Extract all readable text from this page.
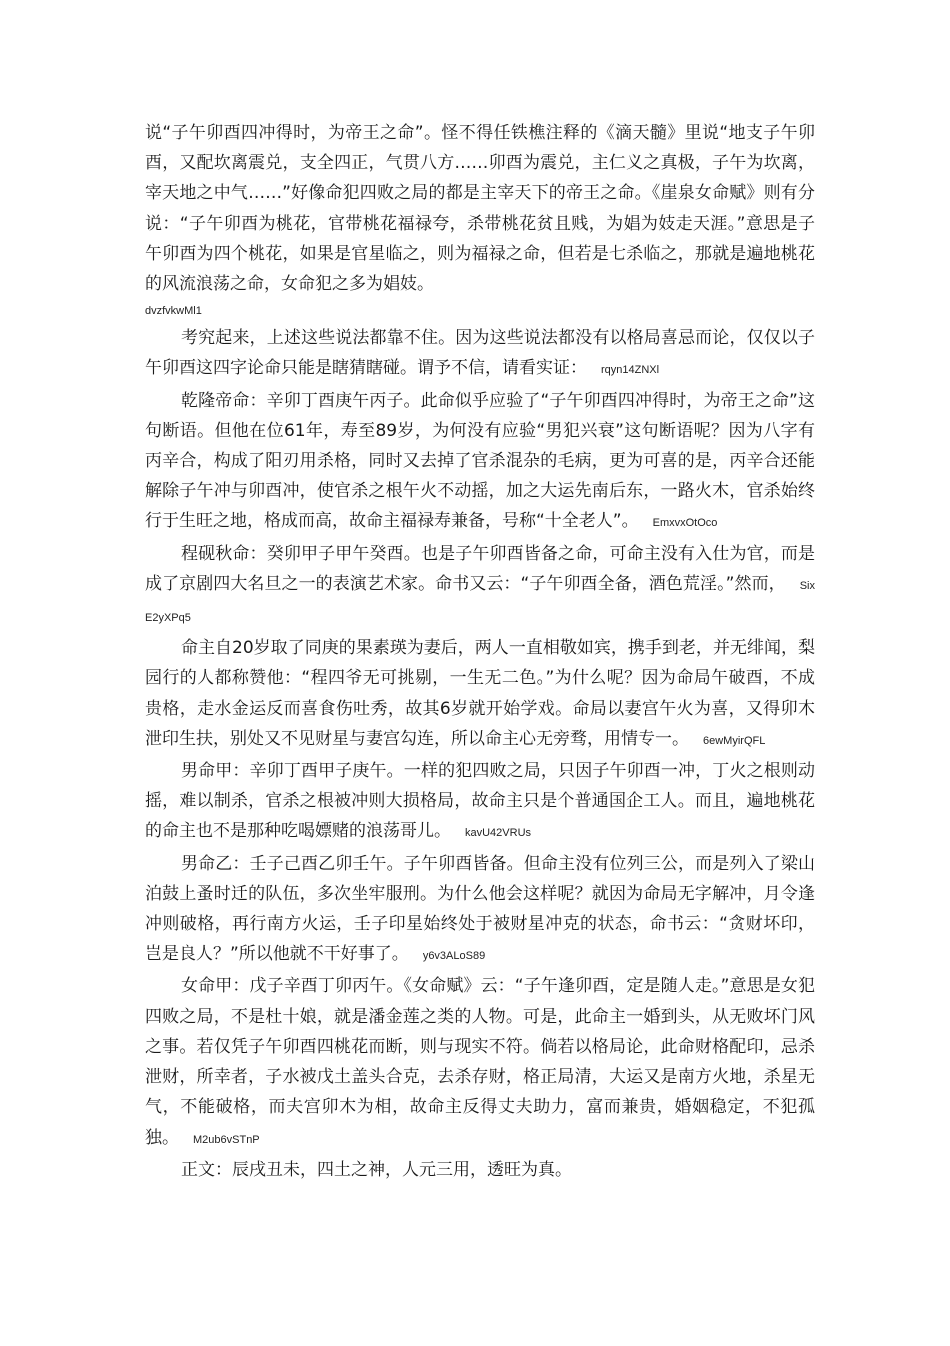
说“子午卯酉四冲得时，为帝王之命”。怪不得任铁樵注释的《滴天髓》里说“地支子午卯酉，又配坎离震兑，支全四正，气贯八方……卯酉为震兑，主仁义之真极，子午为坎离，宰天地之中气……”好像命犯四败之局的都是主宰天下的帝王之命。《崖泉女命赋》则有分说：“子午卯酉为桃花，官带桃花福禄夸，杀带桃花贫且贱，为娼为妓走天涯。”意思是子午卯酉为四个桃花，如果是官星临之，则为福禄之命，但若是七杀临之，那就是遍地桃花的风流浪荡之命，女命犯之多为娼妓。
dvzfvkwMl1

考究起来，上述这些说法都靠不住。因为这些说法都没有以格局喜忌而论，仅仅以子午卯酉这四字论命只能是瞎猜瞎碰。谓予不信，请看实证： rqyn14ZNXl

乾隆帝命：辛卯丁酉庚午丙子。此命似乎应验了“子午卯酉四冲得时，为帝王之命”这句断语。但他在位61年，寿至89岁，为何没有应验“男犯兴衰”这句断语呢？因为八字有丙辛合，构成了阳刃用杀格，同时又去掉了官杀混杂的毛病，更为可喜的是，丙辛合还能解除子午冲与卯酉冲，使官杀之根午火不动摇，加之大运先南后东，一路火木，官杀始终行于生旺之地，格成而高，故命主福禄寿兼备，号称“十全老人”。 EmxvxOtOco

程砚秋命：癸卯甲子甲午癸酉。也是子午卯酉皆备之命，可命主没有入仕为官，而是成了京剧四大名旦之一的表演艺术家。命书又云：“子午卯酉全备，酒色荒淫。”然而， SixE2yXPq5

命主自20岁取了同庚的果素瑛为妻后，两人一直相敬如宾，携手到老，并无绯闻，梨园行的人都称赞他：“程四爷无可挑剔，一生无二色。”为什么呢？因为命局午破酉，不成贵格，走水金运反而喜食伤吐秀，故其6岁就开始学戏。命局以妻宫午火为喜，又得卯木泄印生扶，别处又不见财星与妻宫勾连，所以命主心无旁骛，用情专一。 6ewMyirQFL

男命甲：辛卯丁酉甲子庚午。一样的犯四败之局，只因子午卯酉一冲，丁火之根则动摇，难以制杀，官杀之根被冲则大损格局，故命主只是个普通国企工人。而且，遍地桃花的命主也不是那种吃喝嫖赌的浪荡哥儿。 kavU42VRUs

男命乙：壬子己酉乙卯壬午。子午卯酉皆备。但命主没有位列三公，而是列入了梁山泊鼓上蚤时迁的队伍，多次坐牢服刑。为什么他会这样呢？就因为命局无字解冲，月令逢冲则破格，再行南方火运，壬子印星始终处于被财星冲克的状态，命书云：“贪财坏印，岂是良人？”所以他就不干好事了。 y6v3ALoS89

女命甲：戊子辛酉丁卯丙午。《女命赋》云：“子午逢卯酉，定是随人走。”意思是女犯四败之局，不是杜十娘，就是潘金莲之类的人物。可是，此命主一婚到头，从无败坏门风之事。若仅凭子午卯酉四桃花而断，则与现实不符。倘若以格局论，此命财格配印，忌杀泄财，所幸者，子水被戊土盖头合克，去杀存财，格正局清，大运又是南方火地，杀星无气，不能破格，而夫宫卯木为相，故命主反得丈夫助力，富而兼贵，婚姻稳定，不犯孤独。 M2ub6vSTnP

正文：辰戌丑未，四土之神，人元三用，透旺为真。
